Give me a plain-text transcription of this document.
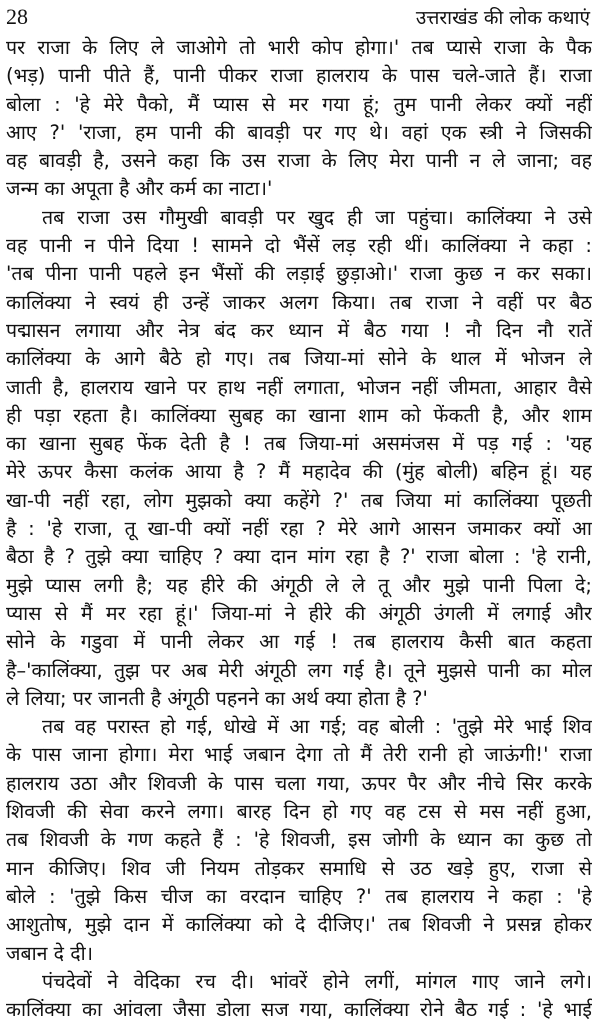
28	उत्तराखंड की लोक कथाएं
पर राजा के लिए ले जाओगे तो भारी कोप होगा।' तब प्यासे राजा के पैक
(भड़) पानी पीते हैं, पानी पीकर राजा हालराय के पास चले-जाते हैं। राजा
बोला : 'हे मेरे पैको, मैं प्यास से मर गया हूं; तुम पानी लेकर क्यों नहीं
आए ?' 'राजा, हम पानी की बावड़ी पर गए थे। वहां एक स्त्री ने जिसकी
वह बावड़ी है, उसने कहा कि उस राजा के लिए मेरा पानी न ले जाना; वह
जन्म का अपूता है और कर्म का नाटा।'
तब राजा उस गौमुखी बावड़ी पर खुद ही जा पहुंचा। कालिंक्या ने उसे
वह पानी न पीने दिया ! सामने दो भैंसें लड़ रही थीं। कालिंक्या ने कहा :
'तब पीना पानी पहले इन भैंसों की लड़ाई छुड़ाओ।' राजा कुछ न कर सका।
कालिंक्या ने स्वयं ही उन्हें जाकर अलग किया। तब राजा ने वहीं पर बैठ
पद्मासन लगाया और नेत्र बंद कर ध्यान में बैठ गया ! नौ दिन नौ रातें
कालिंक्या के आगे बैठे हो गए। तब जिया-मां सोने के थाल में भोजन ले
जाती है, हालराय खाने पर हाथ नहीं लगाता, भोजन नहीं जीमता, आहार वैसे
ही पड़ा रहता है। कालिंक्या सुबह का खाना शाम को फेंकती है, और शाम
का खाना सुबह फेंक देती है ! तब जिया-मां असमंजस में पड़ गई : 'यह
मेरे ऊपर कैसा कलंक आया है ? मैं महादेव की (मुंह बोली) बहिन हूं। यह
खा-पी नहीं रहा, लोग मुझको क्या कहेंगे ?' तब जिया मां कालिंक्या पूछती
है : 'हे राजा, तू खा-पी क्यों नहीं रहा ? मेरे आगे आसन जमाकर क्यों आ
बैठा है ? तुझे क्या चाहिए ? क्या दान मांग रहा है ?' राजा बोला : 'हे रानी,
मुझे प्यास लगी है; यह हीरे की अंगूठी ले ले तू और मुझे पानी पिला दे;
प्यास से मैं मर रहा हूं।' जिया-मां ने हीरे की अंगूठी उंगली में लगाई और
सोने के गडुवा में पानी लेकर आ गई ! तब हालराय कैसी बात कहता
है–'कालिंक्या, तुझ पर अब मेरी अंगूठी लग गई है। तूने मुझसे पानी का मोल
ले लिया; पर जानती है अंगूठी पहनने का अर्थ क्या होता है ?'
तब वह परास्त हो गई, धोखे में आ गई; वह बोली : 'तुझे मेरे भाई शिव
के पास जाना होगा। मेरा भाई जबान देगा तो मैं तेरी रानी हो जाऊंगी!' राजा
हालराय उठा और शिवजी के पास चला गया, ऊपर पैर और नीचे सिर करके
शिवजी की सेवा करने लगा। बारह दिन हो गए वह टस से मस नहीं हुआ,
तब शिवजी के गण कहते हैं : 'हे शिवजी, इस जोगी के ध्यान का कुछ तो
मान कीजिए। शिव जी नियम तोड़कर समाधि से उठ खड़े हुए, राजा से
बोले : 'तुझे किस चीज का वरदान चाहिए ?' तब हालराय ने कहा : 'हे
आशुतोष, मुझे दान में कालिंक्या को दे दीजिए।' तब शिवजी ने प्रसन्न होकर
जबान दे दी।
पंचदेवों ने वेदिका रच दी। भांवरें होने लगीं, मांगल गाए जाने लगे।
कालिंक्या का आंवला जैसा डोला सज गया, कालिंक्या रोने बैठ गई : 'हे भाई
